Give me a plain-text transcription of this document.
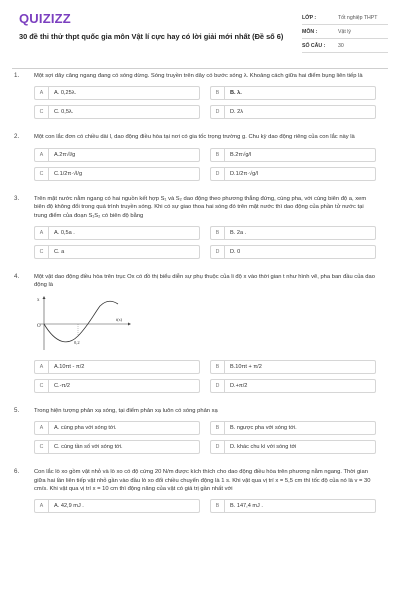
QUIZIZZ
30 đề thi thử thpt quốc gia môn Vật lí cực hay có lời giải mới nhất (Đề số 6)
LỚP :	Tốt nghiệp THPT
MÔN :	Vật lý
SỐ CÂU : 30
1.	Một sợi dây căng ngang đang có sóng dừng. Sóng truyền trên dây có bước sóng λ. Khoảng cách giữa hai điểm bụng liên tiếp là
A	A. 0,25λ.	B	B. λ.
C	C. 0,5λ.	D	D. 2λ
2.	Một con lắc đơn có chiều dài l, dao động điều hòa tại nơi có gia tốc trọng trường g. Chu kỳ dao động riêng của con lắc này là
A	A.2π√l/g	B	B.2π√g/l
C	C.1/2π·√l/g	D	D.1/2π·√g/l
3.	Trên mặt nước nằm ngang có hai nguồn kết hợp S₁ và S₂ dao động theo phương thẳng đứng, cùng pha, với cùng biên độ a, xem biên độ không đổi trong quá trình truyền sóng. Khi có sự giao thoa hai sóng đó trên mặt nước thì dao động của phần tử nước tại trung điểm của đoạn S₁S₂ có biên độ bằng
A	A. 0,5a .	B	B. 2a .
C	C. a	D	D. 0
4.	Một vật dao động điều hòa trên trục Ox có đồ thị biểu diễn sự phụ thuộc của li độ x vào thời gian t như hình vẽ, pha ban đầu của dao động là
x
O
t(s)
0,2
A	A.10πt - π/2	B	B.10πt + π/2
C	C.-π/2	D	D.+π/2
5.	Trong hiện tượng phản xạ sóng, tại điểm phản xạ luôn có sóng phản xạ
A	A. cùng pha với sóng tới.	B	B. ngược pha với sóng tới.
C	C. cùng tần số với sóng tới.	D	D. khác chu kì với sóng tới
6.	Con lắc lò xo gồm vật nhỏ và lò xo có độ cứng 20 N/m được kích thích cho dao động điều hòa trên phương nằm ngang. Thời gian giữa hai lần liên tiếp vật nhỏ gần vào đầu lò xo đổi chiều chuyển động là 1 s. Khi vật qua vị trí x = 5,5 cm thì tốc độ của nó là v = 30 cm/s. Khi vật qua vị trí x = 10 cm thì động năng của vật có giá trị gần nhất với
A	A. 42,9 mJ .	B	B. 147,4 mJ .
